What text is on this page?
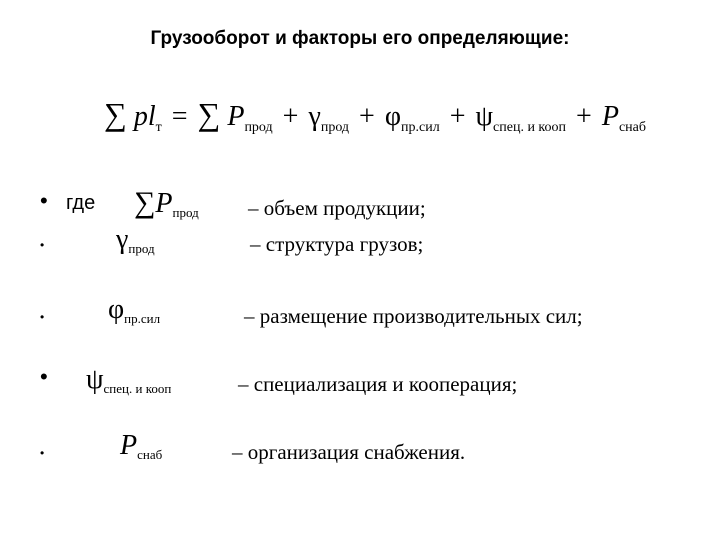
Грузооборот и факторы его определяющие:
∑ $pl_т$ = ∑ $P_{прод} + \gamma_{прод} + \varphi_{пр.сил} + \psi_{спец. и кооп} + P_{снаб}$
• где $\sum P_{прод}$ – объем продукции;
•	$\gamma_{прод}$	– структура грузов;
• $\varphi_{пр.сил}$	– размещение производительных сил;
• $\psi_{спец. и кооп}$	– специализация и кооперация;
•	$P_{снаб}$	– организация снабжения.
